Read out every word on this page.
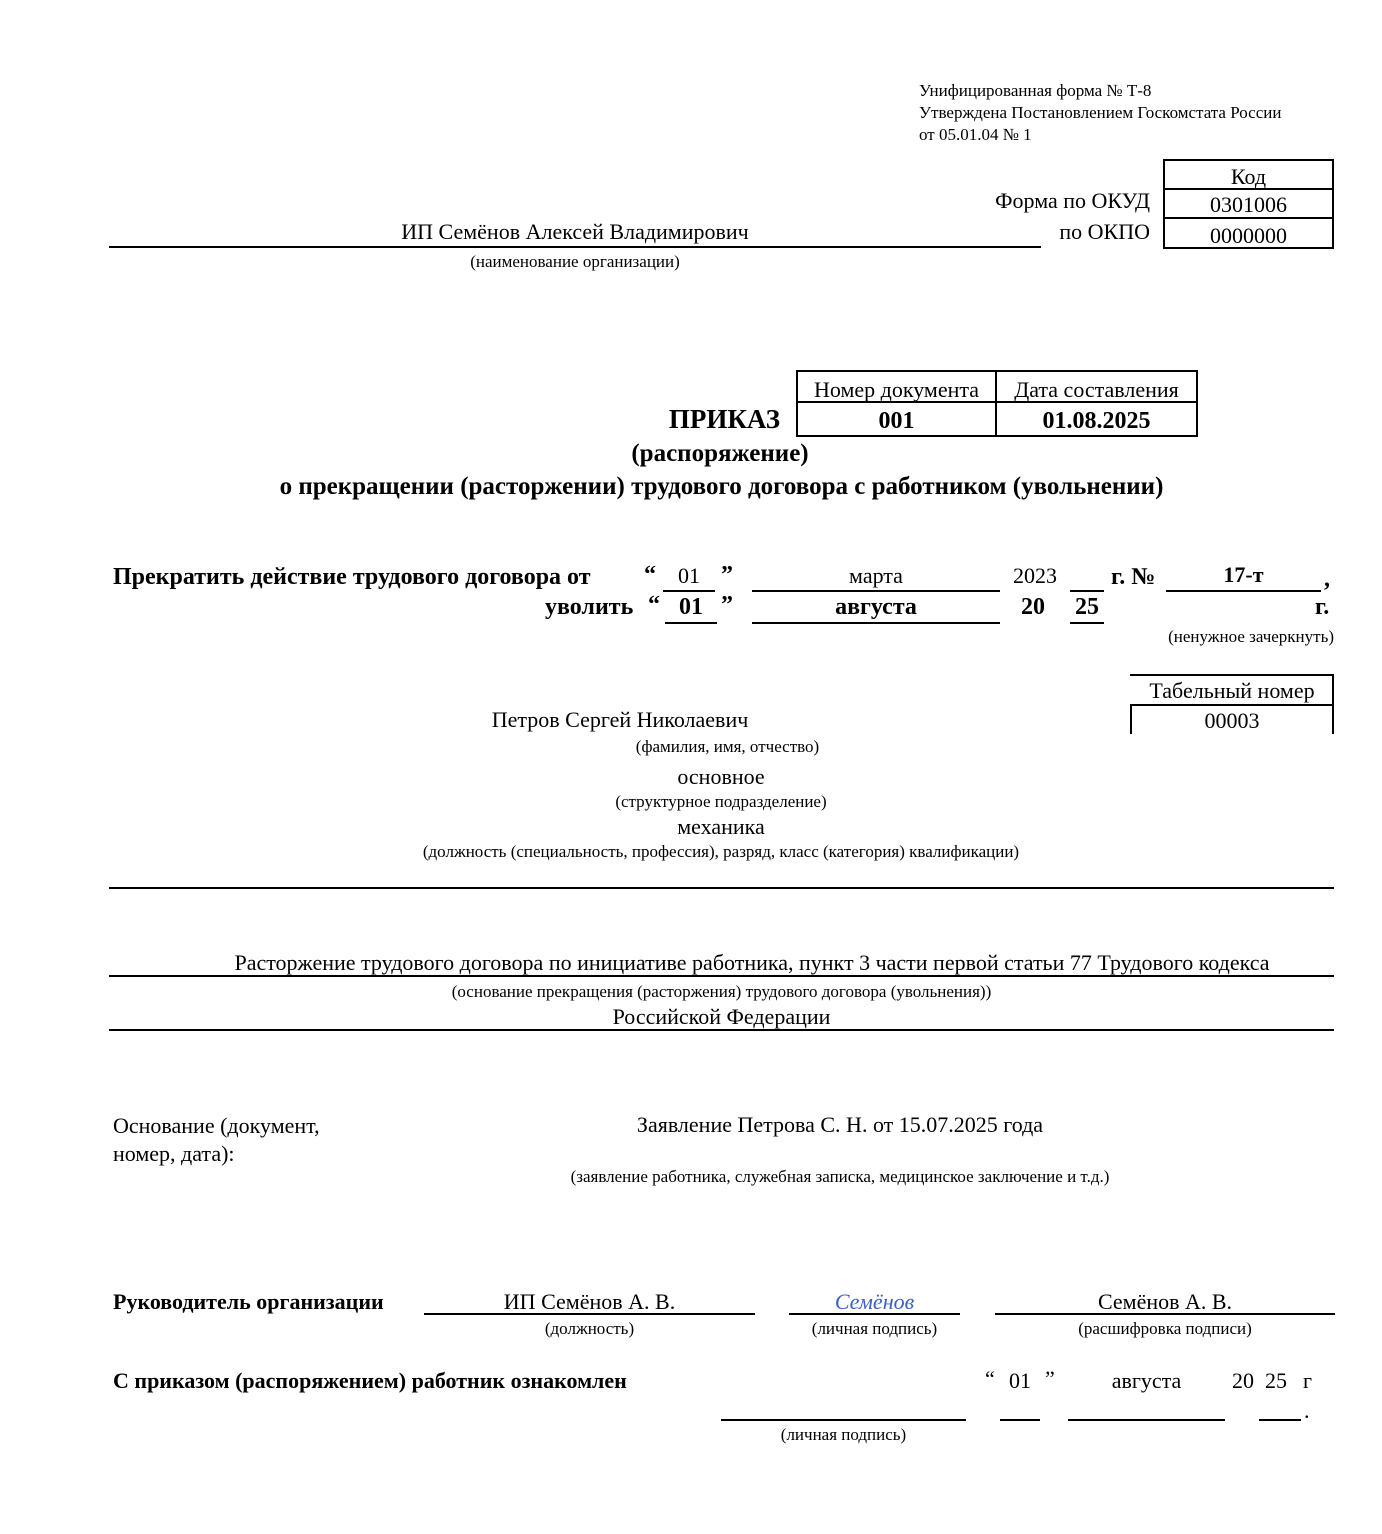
Унифицированная форма № Т-8
Утверждена Постановлением Госкомстата России
от 05.01.04 № 1
Код
0301006
0000000
Форма по ОКУД
по ОКПО
ИП Семёнов Алексей Владимирович
(наименование организации)
Номер документа	Дата составления
001	01.08.2025
ПРИКАЗ
(распоряжение)
о прекращении (расторжении) трудового договора с работником (увольнении)
Прекратить действие трудового договора от “	01 ”	марта	2023	г. №	17-т	,
уволить “ 01 ”	августа	20 25	г.
(ненужное зачеркнуть)
Табельный номер
00003
Петров Сергей Николаевич
(фамилия, имя, отчество)
основное
(структурное подразделение)
механика
(должность (специальность, профессия), разряд, класс (категория) квалификации)
Расторжение трудового договора по инициативе работника, пункт 3 части первой статьи 77 Трудового кодекса
(основание прекращения (расторжения) трудового договора (увольнения))
Российской Федерации
Основание (документ,
номер, дата):
Заявление Петрова С. Н. от 15.07.2025 года
(заявление работника, служебная записка, медицинское заключение и т.д.)
Руководитель организации	ИП Семёнов А. В.
(должность)
Семёнов
(личная подпись)
Семёнов А. В.
(расшифровка подписи)
С приказом (распоряжением) работник ознакомлен	“ 01 ”	августа	20 25 г
.
(личная подпись)
